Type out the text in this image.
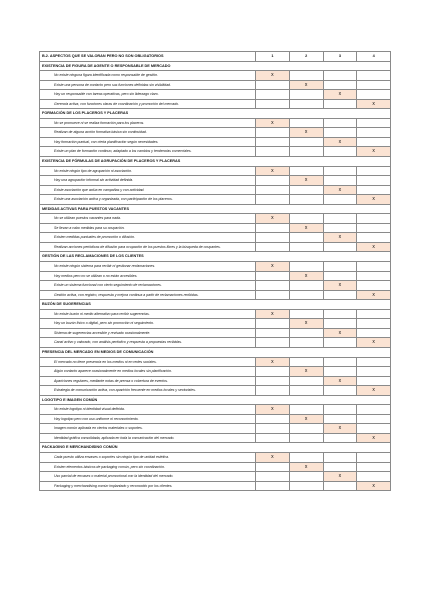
B.2. ASPECTOS QUE SE VALORAN PERO NO SON OBLIGATORIOS	1	2	3	4
EXISTENCIA DE FIGURA DE AGENTE O RESPONSABLE DE MERCADO				
No existe ninguna figura identificada como responsable de gestión.	x			
Existe una persona de contacto pero sus funciones definidas sin visibilidad.		x		
Hay un responsable con tareas operativas, pero sin liderazgo claro.			x	
Gerencia activa, con funciones claras de coordinación y promoción del mercado.				x
FORMACIÓN DE LOS PLACEROS Y PLACERAS				
No se promueve ni se realiza formación para los placeros.	x			
Realizan de alguna acción formativa básica sin continuidad.		x		
Hay formación puntual, con cierta planificación según necesidades.			x	
Existe un plan de formación continuo, adaptado a los cambios y tendencias comerciales.				x
EXISTENCIA DE FÓRMULAS DE AGRUPACIÓN DE PLACEROS Y PLACERAS				
No existe ningún tipo de agrupación ni asociación.	x			
Hay una agrupación informal sin actividad definida.		x		
Existe asociación que actúa en campañas y con actividad.			x	
Existe una asociación activa y organizada, con participación de los placeros.				x
MEDIDAS ACTIVAS PARA PUESTOS VACANTES				
No se utilizan puestos vacantes para nada.	x			
Se llevan a cabo medidas para su ocupación.		x		
Existen medidas puntuales de promoción o difusión.			x	
Realizan acciones periódicas de difusión para ocupación de los puestos libres y la búsqueda de ocupantes.				x
GESTIÓN DE LAS RECLAMACIONES DE LOS CLIENTES				
No existe ningún sistema para recibir ni gestionar reclamaciones.	x			
Hay medios pero no se utilizan o no están accesibles.		x		
Existe un sistema funcional con cierto seguimiento de reclamaciones.			x	
Gestión activa, con registro, respuesta y mejora continua a partir de reclamaciones recibidas.				x
BUZÓN DE SUGERENCIAS				
No existe buzón ni medio alternativo para recibir sugerencias.	x			
Hay un buzón físico o digital, pero sin promoción ni seguimiento.		x		
Sistema de sugerencias accesible y revisado ocasionalmente.			x	
Canal activo y valorado, con análisis periódico y respuesta a propuestas recibidas.				x
PRESENCIA DEL MERCADO EN MEDIOS DE COMUNICACIÓN				
El mercado no tiene presencia en los medios ni en redes sociales.	x			
Algún contacto aparece ocasionalmente en medios locales sin planificación.		x		
Apariciones regulares, mediante notas de prensa o cobertura de eventos.			x	
Estrategia de comunicación activa, con aparición frecuente en medios locales y sectoriales.				x
LOGOTIPO E IMAGEN COMÚN				
No existe logotipo ni identidad visual definida.	x			
Hay logotipo pero con uso uniforme ni reconocimiento.		x		
Imagen común aplicada en ciertos materiales o soportes.			x	
Identidad gráfica consolidada, aplicada en toda la comunicación del mercado.				x
PACKAGING E MERCHANDISING COMÚN				
Cada puesto utiliza envases o soportes sin ningún tipo de unidad estética.	x			
Existen elementos básicos de packaging común, pero sin coordinación.		x		
Uso parcial de envases o material promocional con la identidad del mercado.			x	
Packaging y merchandising común implantado y reconocido por los clientes.				x
